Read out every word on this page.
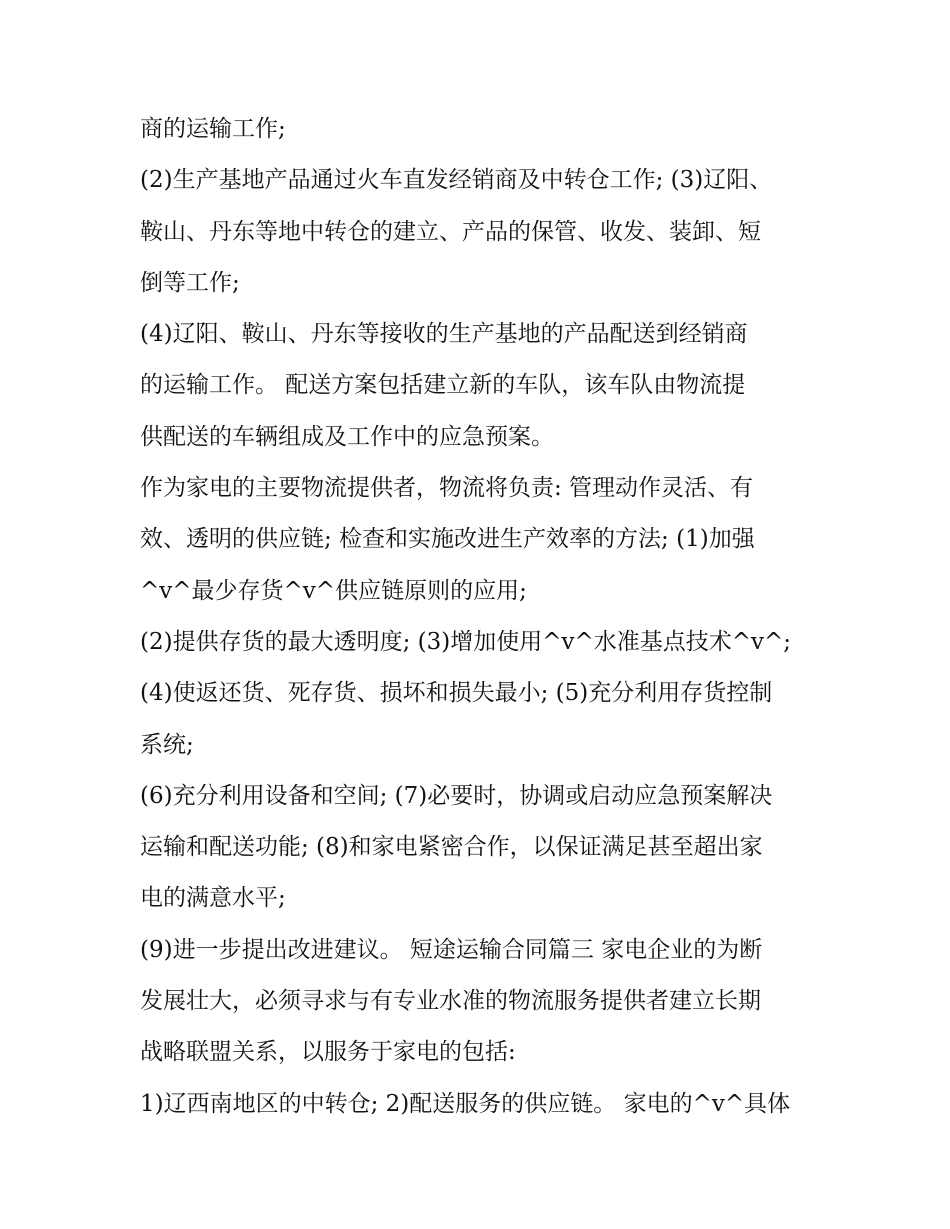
商的运输工作;
(2)生产基地产品通过火车直发经销商及中转仓工作; (3)辽阳、
鞍山、丹东等地中转仓的建立、产品的保管、收发、装卸、短
倒等工作;
(4)辽阳、鞍山、丹东等接收的生产基地的产品配送到经销商
的运输工作。 配送方案包括建立新的车队，该车队由物流提
供配送的车辆组成及工作中的应急预案。
作为家电的主要物流提供者，物流将负责: 管理动作灵活、有
效、透明的供应链; 检查和实施改进生产效率的方法; (1)加强
^v^最少存货^v^供应链原则的应用;
(2)提供存货的最大透明度; (3)增加使用^v^水准基点技术^v^;
(4)使返还货、死存货、损坏和损失最小; (5)充分利用存货控制
系统;
(6)充分利用设备和空间; (7)必要时，协调或启动应急预案解决
运输和配送功能; (8)和家电紧密合作，以保证满足甚至超出家
电的满意水平;
(9)进一步提出改进建议。 短途运输合同篇三 家电企业的为断
发展壮大，必须寻求与有专业水准的物流服务提供者建立长期
战略联盟关系，以服务于家电的包括:
1)辽西南地区的中转仓; 2)配送服务的供应链。 家电的^v^具体
